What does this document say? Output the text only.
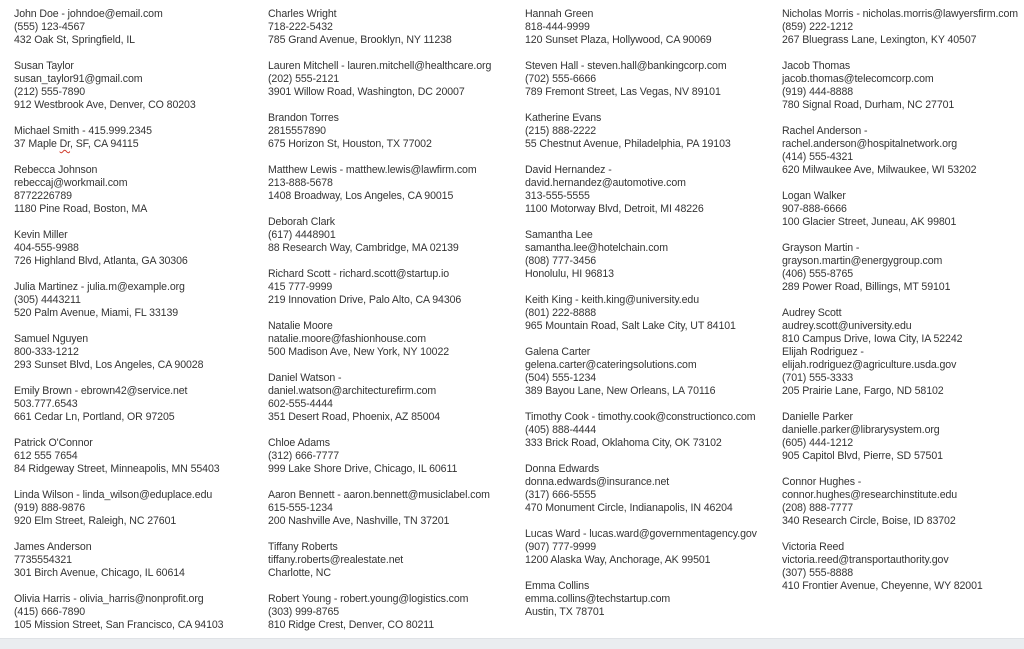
John Doe - johndoe@email.com
(555) 123-4567
432 Oak St, Springfield, IL
Susan Taylor
susan_taylor91@gmail.com
(212) 555-7890
912 Westbrook Ave, Denver, CO 80203
Michael Smith - 415.999.2345
37 Maple Dr, SF, CA 94115
Rebecca Johnson
rebeccaj@workmail.com
8772226789
1180 Pine Road, Boston, MA
Kevin Miller
404-555-9988
726 Highland Blvd, Atlanta, GA 30306
Julia Martinez - julia.m@example.org
(305) 4443211
520 Palm Avenue, Miami, FL 33139
Samuel Nguyen
800-333-1212
293 Sunset Blvd, Los Angeles, CA 90028
Emily Brown - ebrown42@service.net
503.777.6543
661 Cedar Ln, Portland, OR 97205
Patrick O'Connor
612 555 7654
84 Ridgeway Street, Minneapolis, MN 55403
Linda Wilson - linda_wilson@eduplace.edu
(919) 888-9876
920 Elm Street, Raleigh, NC 27601
James Anderson
7735554321
301 Birch Avenue, Chicago, IL 60614
Olivia Harris - olivia_harris@nonprofit.org
(415) 666-7890
105 Mission Street, San Francisco, CA 94103
Charles Wright
718-222-5432
785 Grand Avenue, Brooklyn, NY 11238
Lauren Mitchell - lauren.mitchell@healthcare.org
(202) 555-2121
3901 Willow Road, Washington, DC 20007
Brandon Torres
2815557890
675 Horizon St, Houston, TX 77002
Matthew Lewis - matthew.lewis@lawfirm.com
213-888-5678
1408 Broadway, Los Angeles, CA 90015
Deborah Clark
(617) 4448901
88 Research Way, Cambridge, MA 02139
Richard Scott - richard.scott@startup.io
415 777-9999
219 Innovation Drive, Palo Alto, CA 94306
Natalie Moore
natalie.moore@fashionhouse.com
500 Madison Ave, New York, NY 10022
Daniel Watson -
daniel.watson@architecturefirm.com
602-555-4444
351 Desert Road, Phoenix, AZ 85004
Chloe Adams
(312) 666-7777
999 Lake Shore Drive, Chicago, IL 60611
Aaron Bennett - aaron.bennett@musiclabel.com
615-555-1234
200 Nashville Ave, Nashville, TN 37201
Tiffany Roberts
tiffany.roberts@realestate.net
Charlotte, NC
Robert Young - robert.young@logistics.com
(303) 999-8765
810 Ridge Crest, Denver, CO 80211
Hannah Green
818-444-9999
120 Sunset Plaza, Hollywood, CA 90069
Steven Hall - steven.hall@bankingcorp.com
(702) 555-6666
789 Fremont Street, Las Vegas, NV 89101
Katherine Evans
(215) 888-2222
55 Chestnut Avenue, Philadelphia, PA 19103
David Hernandez -
david.hernandez@automotive.com
313-555-5555
1100 Motorway Blvd, Detroit, MI 48226
Samantha Lee
samantha.lee@hotelchain.com
(808) 777-3456
Honolulu, HI 96813
Keith King - keith.king@university.edu
(801) 222-8888
965 Mountain Road, Salt Lake City, UT 84101
Galena Carter
gelena.carter@cateringsolutions.com
(504) 555-1234
389 Bayou Lane, New Orleans, LA 70116
Timothy Cook - timothy.cook@constructionco.com
(405) 888-4444
333 Brick Road, Oklahoma City, OK 73102
Donna Edwards
donna.edwards@insurance.net
(317) 666-5555
470 Monument Circle, Indianapolis, IN 46204
Lucas Ward - lucas.ward@governmentagency.gov
(907) 777-9999
1200 Alaska Way, Anchorage, AK 99501
Emma Collins
emma.collins@techstartup.com
Austin, TX 78701
Nicholas Morris - nicholas.morris@lawyersfirm.com
(859) 222-1212
267 Bluegrass Lane, Lexington, KY 40507
Jacob Thomas
jacob.thomas@telecomcorp.com
(919) 444-8888
780 Signal Road, Durham, NC 27701
Rachel Anderson -
rachel.anderson@hospitalnetwork.org
(414) 555-4321
620 Milwaukee Ave, Milwaukee, WI 53202
Logan Walker
907-888-6666
100 Glacier Street, Juneau, AK 99801
Grayson Martin -
grayson.martin@energygroup.com
(406) 555-8765
289 Power Road, Billings, MT 59101
Audrey Scott
audrey.scott@university.edu
810 Campus Drive, Iowa City, IA 52242
Elijah Rodriguez -
elijah.rodriguez@agriculture.usda.gov
(701) 555-3333
205 Prairie Lane, Fargo, ND 58102
Danielle Parker
danielle.parker@librarysystem.org
(605) 444-1212
905 Capitol Blvd, Pierre, SD 57501
Connor Hughes -
connor.hughes@researchinstitute.edu
(208) 888-7777
340 Research Circle, Boise, ID 83702
Victoria Reed
victoria.reed@transportauthority.gov
(307) 555-8888
410 Frontier Avenue, Cheyenne, WY 82001
